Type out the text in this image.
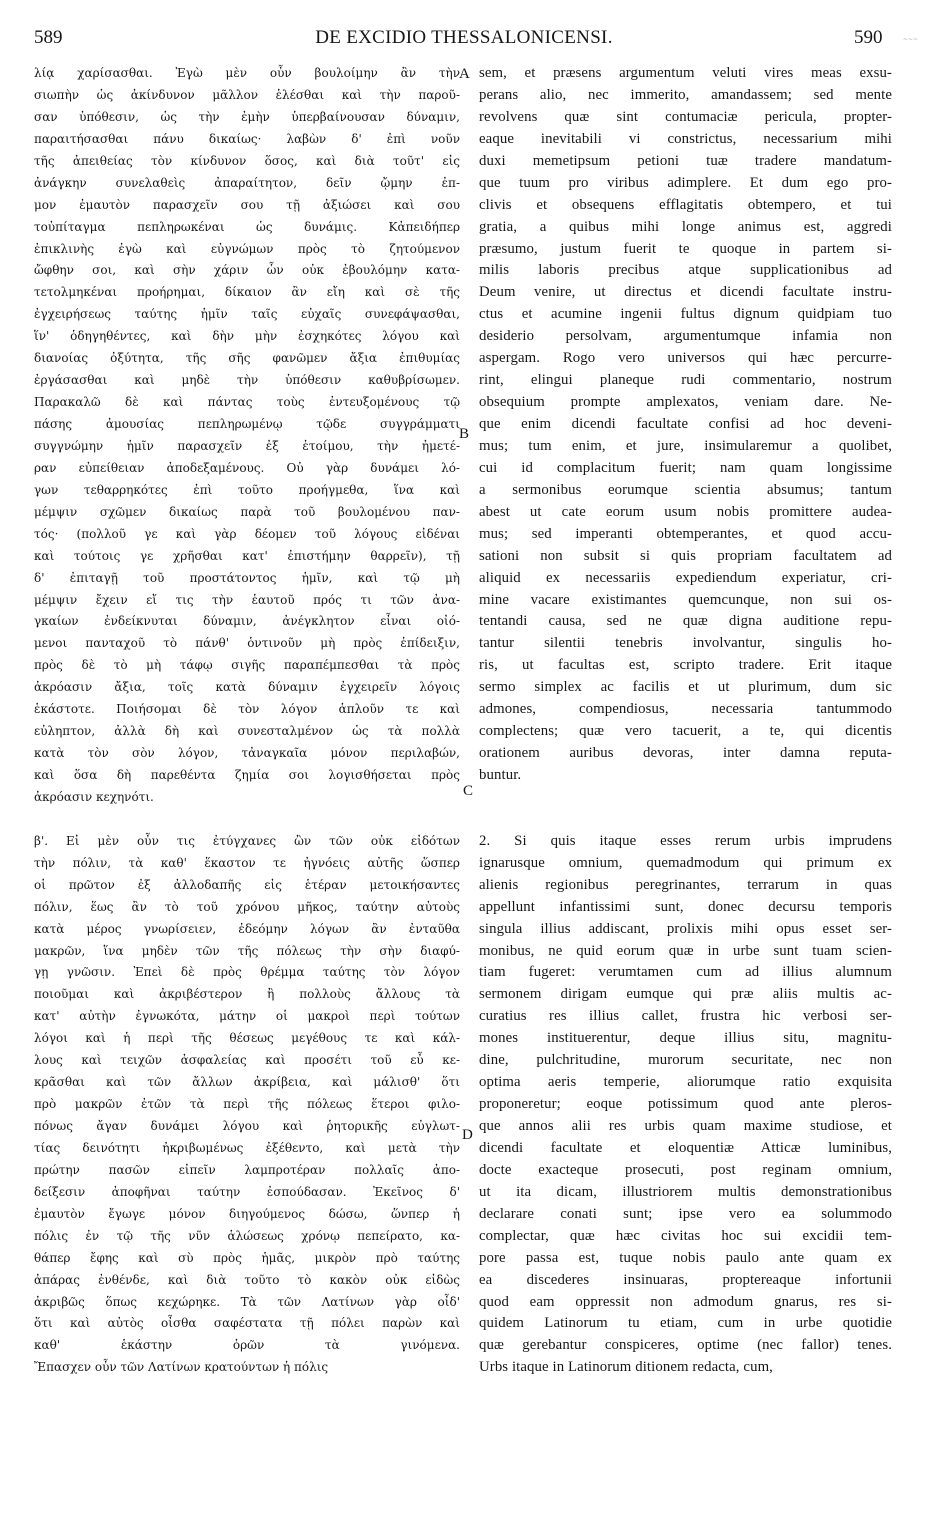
589	DE EXCIDIO THESSALONICENSI.	590	~~~
λίᾳ χαρίσασθαι. Ἐγὼ μὲν οὖν βουλοίμην ἂν τὴν
σιωπὴν ὡς ἀκίνδυνον μᾶλλον ἑλέσθαι καὶ τὴν παροῦ-
σαν ὑπόθεσιν, ὡς τὴν ἐμὴν ὑπερβαίνουσαν δύναμιν,
παραιτήσασθαι πάνυ δικαίως· λαβὼν δ' ἐπὶ νοῦν
τῆς ἀπειθείας τὸν κίνδυνον ὅσος, καὶ διὰ τοῦτ' εἰς
ἀνάγκην συνελαθεὶς ἀπαραίτητον, δεῖν ᾤμην ἐπ-
μον ἐμαυτὸν παρασχεῖν σου τῇ ἀξιώσει καὶ σου
τοὐπίταγμα πεπληρωκέναι ὡς δυνάμις. Κἀπειδήπερ
ἐπικλινὴς ἐγὼ καὶ εὐγνώμων πρὸς τὸ ζητούμενον
ὤφθην σοι, καὶ σὴν χάριν ὧν οὐκ ἐβουλόμην κατα-
τετολμηκέναι προήρημαι, δίκαιον ἂν εἴη καὶ σὲ τῆς
ἐγχειρήσεως ταύτης ἡμῖν ταῖς εὐχαῖς συνεφάψασθαι,
ἵν' ὁδηγηθέντες, καὶ δὴν μὴν ἐσχηκότες λόγου καὶ
διανοίας ὀξύτητα, τῆς σῆς φανῶμεν ἄξια ἐπιθυμίας
ἐργάσασθαι καὶ μηδὲ τὴν ὑπόθεσιν καθυβρίσωμεν.
Παρακαλῶ δὲ καὶ πάντας τοὺς ἐντευξομένους τῷ
πάσης ἀμουσίας πεπληρωμένῳ τῷδε συγγράμματι
συγγνώμην ἡμῖν παρασχεῖν ἐξ ἑτοίμου, τὴν ἡμετέ-
ραν εὐπείθειαν ἀποδεξαμένους. Οὐ γὰρ δυνάμει λό-
γων τεθαρρηκότες ἐπὶ τοῦτο προήγμεθα, ἵνα καὶ
μέμψιν σχῶμεν δικαίως παρὰ τοῦ βουλομένου παν-
τός· (πολλοῦ γε καὶ γὰρ δέομεν τοῦ λόγους εἰδέναι
καὶ τούτοις γε χρῆσθαι κατ' ἐπιστήμην θαρρεῖν), τῇ
δ' ἐπιταγῇ τοῦ προστάτοντος ἡμῖν, καὶ τῷ μὴ
μέμψιν ἔχειν εἴ τις τὴν ἑαυτοῦ πρός τι τῶν ἀνα-
γκαίων ἐνδείκνυται δύναμιν, ἀνέγκλητον εἶναι οἰό-
μενοι πανταχοῦ τὸ πάνθ' ὁντινοῦν μὴ πρὸς ἐπίδειξιν,
πρὸς δὲ τὸ μὴ τάφῳ σιγῆς παραπέμπεσθαι τὰ πρὸς
ἀκρόασιν ἄξια, τοῖς κατὰ δύναμιν ἐγχειρεῖν λόγοις
ἑκάστοτε. Ποιήσομαι δὲ τὸν λόγον ἁπλοῦν τε καὶ
εὐληπτον, ἀλλὰ δὴ καὶ συνεσταλμένον ὡς τὰ πολλὰ
κατὰ τὸν σὸν λόγον, τἀναγκαῖα μόνον περιλαβών,
καὶ ὅσα δὴ παρεθέντα ζημία σοι λογισθήσεται πρὸς
ἀκρόασιν κεχηνότι.
β'. Εἰ μὲν οὖν τις ἐτύγχανες ὢν τῶν οὐκ εἰδότων
τὴν πόλιν, τὰ καθ' ἕκαστον τε ἠγνόεις αὐτῆς ὥσπερ
οἱ πρῶτον ἐξ ἀλλοδαπῆς εἰς ἑτέραν μετοικήσαντες
πόλιν, ἕως ἂν τὸ τοῦ χρόνου μῆκος, ταύτην αὐτοὺς
κατὰ μέρος γνωρίσειεν, ἐδεόμην λόγων ἂν ἐνταῦθα
μακρῶν, ἵνα μηδὲν τῶν τῆς πόλεως τὴν σὴν διαφύ-
γῃ γνῶσιν. Ἐπεὶ δὲ πρὸς θρέμμα ταύτης τὸν λόγον
ποιοῦμαι καὶ ἀκριβέστερον ἢ πολλοὺς ἄλλους τὰ
κατ' αὐτὴν ἐγνωκότα, μάτην οἱ μακροὶ περὶ τούτων
λόγοι καὶ ἡ περὶ τῆς θέσεως μεγέθους τε καὶ κάλ-
λους καὶ τειχῶν ἀσφαλείας καὶ προσέτι τοῦ εὖ κε-
κρᾶσθαι καὶ τῶν ἄλλων ἀκρίβεια, καὶ μάλισθ' ὅτι
πρὸ μακρῶν ἐτῶν τὰ περὶ τῆς πόλεως ἕτεροι φιλο-
πόνως ἄγαν δυνάμει λόγου καὶ ῥητορικῆς εὐγλωτ-
τίας δεινότητι ἠκριβωμένως ἐξέθεντο, καὶ μετὰ τὴν
πρώτην πασῶν εἰπεῖν λαμπροτέραν πολλαῖς ἀπο-
δείξεσιν ἀποφῆναι ταύτην ἐσπούδασαν. Ἐκεῖνος δ'
ἐμαυτὸν ἔγωγε μόνον διηγούμενος δώσω, ὥνπερ ἡ
πόλις ἐν τῷ τῆς νῦν ἁλώσεως χρόνῳ πεπείρατο, κα-
θάπερ ἔφης καὶ σὺ πρὸς ἡμᾶς, μικρὸν πρὸ ταύτης
ἀπάρας ἐνθένδε, καὶ διὰ τοῦτο τὸ κακὸν οὐκ εἰδὼς
ἀκριβῶς ὅπως κεχώρηκε. Τὰ τῶν Λατίνων γὰρ οἶδ'
ὅτι καὶ αὐτὸς οἶσθα σαφέστατα τῇ πόλει παρὼν καὶ
καθ' ἑκάστην ὁρῶν τὰ γινόμενα.
Ἔπασχεν οὖν τῶν Λατίνων κρατούντων ἡ πόλις
sem, et præsens argumentum veluti vires meas exsu-
perans alio, nec immerito, amandassem; sed mente
revolvens quæ sint contumaciæ pericula, propter-
eaque inevitabili vi constrictus, necessarium mihi
duxi memetipsum petioni tuæ tradere mandatum-
que tuum pro viribus adimplere. Et dum ego pro-
clivis et obsequens efflagitatis obtempero, et tui
gratia, a quibus mihi longe animus est, aggredi
præsumo, justum fuerit te quoque in partem si-
milis laboris precibus atque supplicationibus ad
Deum venire, ut directus et dicendi facultate instru-
ctus et acumine ingenii fultus dignum quidpiam tuo
desiderio persolvam, argumentumque infamia non
aspergam. Rogo vero universos qui hæc percurre-
rint, elingui planeque rudi commentario, nostrum
obsequium prompte amplexatos, veniam dare. Ne-
que enim dicendi facultate confisi ad hoc deveni-
mus; tum enim, et jure, insimularemur a quolibet,
cui id complacitum fuerit; nam quam longissime
a sermonibus eorumque scientia absumus; tantum
abest ut cate eorum usum nobis promittere audea-
mus; sed imperanti obtemperantes, et quod accu-
sationi non subsit si quis propriam facultatem ad
aliquid ex necessariis expediendum experiatur, cri-
mine vacare existimantes quemcunque, non sui os-
tentandi causa, sed ne quæ digna auditione repu-
tantur silentii tenebris involvantur, singulis ho-
ris, ut facultas est, scripto tradere. Erit itaque
sermo simplex ac facilis et ut plurimum, dum sic
admones, compendiosus, necessaria tantummodo
complectens; quæ vero tacuerit, a te, qui dicentis
orationem auribus devoras, inter damna reputa-
buntur.
2. Si quis itaque esses rerum urbis imprudens
ignarusque omnium, quemadmodum qui primum ex
alienis regionibus peregrinantes, terrarum in quas
appellunt infantissimi sunt, donec decursu temporis
singula illius addiscant, prolixis mihi opus esset ser-
monibus, ne quid eorum quæ in urbe sunt tuam scien-
tiam fugeret: verumtamen cum ad illius alumnum
sermonem dirigam eumque qui præ aliis multis ac-
curatius res illius callet, frustra hic verbosi ser-
mones instituerentur, deque illius situ, magnitu-
dine, pulchritudine, murorum securitate, nec non
optima aeris temperie, aliorumque ratio exquisita
proponeretur; eoque potissimum quod ante pleros-
que annos alii res urbis quam maxime studiose, et
dicendi facultate et eloquentiæ Atticæ luminibus,
docte exacteque prosecuti, post reginam omnium,
ut ita dicam, illustriorem multis demonstrationibus
declarare conati sunt; ipse vero ea solummodo
complectar, quæ hæc civitas hoc sui excidii tem-
pore passa est, tuque nobis paulo ante quam ex
ea discederes insinuaras, proptereaque infortunii
quod eam oppressit non admodum gnarus, res si-
quidem Latinorum tu etiam, cum in urbe quotidie
quæ gerebantur conspiceres, optime (nec fallor) tenes.
Urbs itaque in Latinorum ditionem redacta, cum,
A
B
C
D
